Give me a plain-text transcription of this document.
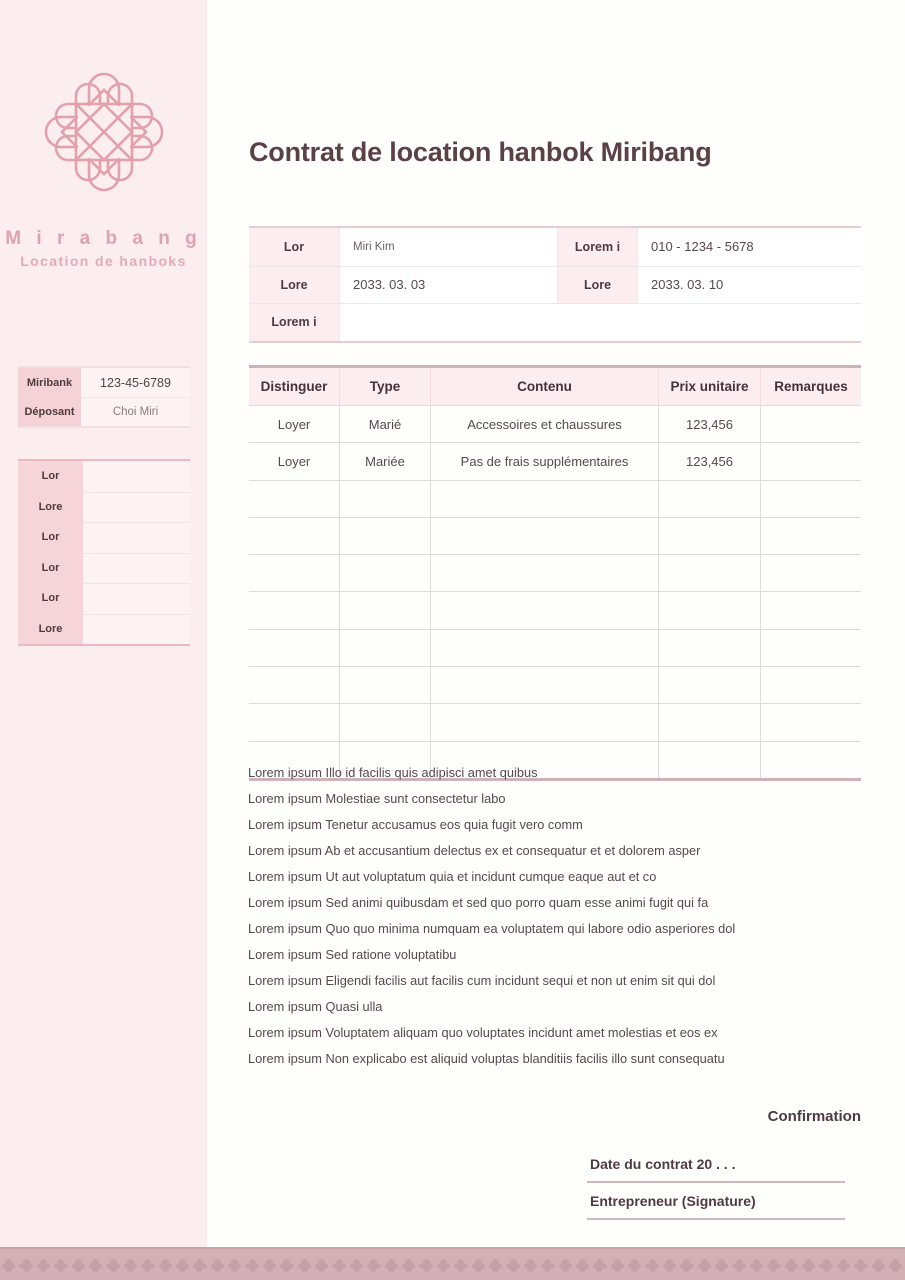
M i r a b a n g
Location de hanboks
Miribank	123-45-6789
Déposant	Choi Miri
Lor
Lore
Lor
Lor
Lor
Lore
Contrat de location hanbok Miribang
Lor	Miri Kim	Lorem i	010 - 1234 - 5678
Lore	2033. 03. 03	Lore	2033. 03. 10
Lorem i
Distinguer	Type	Contenu	Prix unitaire	Remarques
Loyer	Marié	Accessoires et chaussures	123,456
Loyer	Mariée	Pas de frais supplémentaires	123,456
Lorem ipsum Illo id facilis quis adipisci amet quibus
Lorem ipsum Molestiae sunt consectetur labo
Lorem ipsum Tenetur accusamus eos quia fugit vero comm
Lorem ipsum Ab et accusantium delectus ex et consequatur et et dolorem asper
Lorem ipsum Ut aut voluptatum quia et incidunt cumque eaque aut et co
Lorem ipsum Sed animi quibusdam et sed quo porro quam esse animi fugit qui fa
Lorem ipsum Quo quo minima numquam ea voluptatem qui labore odio asperiores dol
Lorem ipsum Sed ratione voluptatibu
Lorem ipsum Eligendi facilis aut facilis cum incidunt sequi et non ut enim sit qui dol
Lorem ipsum Quasi ulla
Lorem ipsum Voluptatem aliquam quo voluptates incidunt amet molestias et eos ex
Lorem ipsum Non explicabo est aliquid voluptas blanditiis facilis illo sunt consequatu
Confirmation
Date du contrat 20 . . .
Entrepreneur (Signature)
